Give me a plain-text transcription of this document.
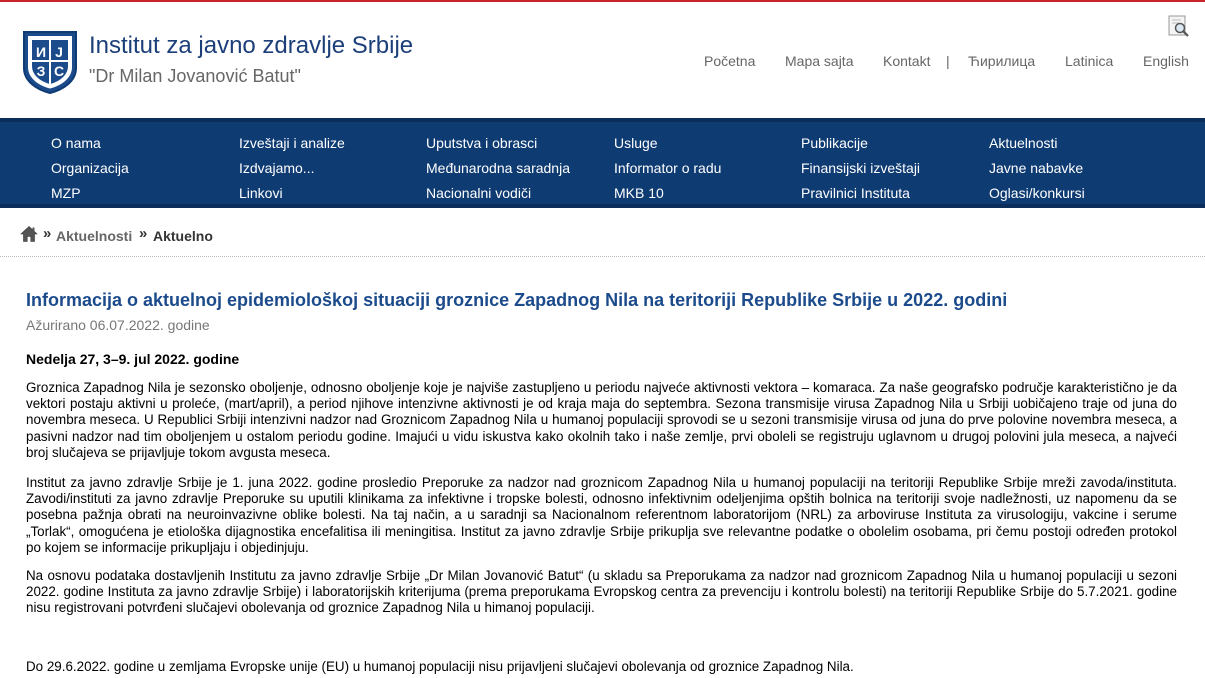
И Ј
З С
Institut za javno zdravlje Srbije
"Dr Milan Jovanović Batut"
Početna Mapa sajta Kontakt | Ћирилица Latinica English
O nama
Organizacija
MZP
Izveštaji i analize
Izdvajamo...
Linkovi
Uputstva i obrasci
Međunarodna saradnja
Nacionalni vodiči
Usluge
Informator o radu
MKB 10
Publikacije
Finansijski izveštaji
Pravilnici Instituta
Aktuelnosti
Javne nabavke
Oglasi/konkursi
» Aktuelnosti » Aktuelno
Informacija o aktuelnoj epidemiološkoj situaciji groznice Zapadnog Nila na teritoriji Republike Srbije u 2022. godini
Ažurirano 06.07.2022. godine
Nedelja 27, 3–9. jul 2022. godine

Groznica Zapadnog Nila je sezonsko oboljenje, odnosno oboljenje koje je najviše zastupljeno u periodu najveće aktivnosti vektora – komaraca. Za naše geografsko područje karakteristično je da vektori postaju aktivni u proleće, (mart/april), a period njihove intenzivne aktivnosti je od kraja maja do septembra. Sezona transmisije virusa Zapadnog Nila u Srbiji uobičajeno traje od juna do novembra meseca. U Republici Srbiji intenzivni nadzor nad Groznicom Zapadnog Nila u humanoj populaciji sprovodi se u sezoni transmisije virusa od juna do prve polovine novembra meseca, a pasivni nadzor nad tim oboljenjem u ostalom periodu godine. Imajući u vidu iskustva kako okolnih tako i naše zemlje, prvi oboleli se registruju uglavnom u drugoj polovini jula meseca, a najveći broj slučajeva se prijavljuje tokom avgusta meseca.

Institut za javno zdravlje Srbije je 1. juna 2022. godine prosledio Preporuke za nadzor nad groznicom Zapadnog Nila u humanoj populaciji na teritoriji Republike Srbije mreži zavoda/instituta. Zavodi/instituti za javno zdravlje Preporuke su uputili klinikama za infektivne i tropske bolesti, odnosno infektivnim odeljenjima opštih bolnica na teritoriji svoje nadležnosti, uz napomenu da se posebna pažnja obrati na neuroinvazivne oblike bolesti. Na taj način, a u saradnji sa Nacionalnom referentnom laboratorijom (NRL) za arboviruse Instituta za virusologiju, vakcine i serume „Torlak“, omogućena je etiološka dijagnostika encefalitisa ili meningitisa. Institut za javno zdravlje Srbije prikuplja sve relevantne podatke o obolelim osobama, pri čemu postoji određen protokol po kojem se informacije prikupljaju i objedinjuju.

Na osnovu podataka dostavljenih Institutu za javno zdravlje Srbije „Dr Milan Jovanović Batut“ (u skladu sa Preporukama za nadzor nad groznicom Zapadnog Nila u humanoj populaciji u sezoni 2022. godine Instituta za javno zdravlje Srbije) i laboratorijskih kriterijuma (prema preporukama Evropskog centra za prevenciju i kontrolu bolesti) na teritoriji Republike Srbije do 5.7.2021. godine nisu registrovani potvrđeni slučajevi obolevanja od groznice Zapadnog Nila u himanoj populaciji.

Do 29.6.2022. godine u zemljama Evropske unije (EU) u humanoj populaciji nisu prijavljeni slučajevi obolevanja od groznice Zapadnog Nila.
